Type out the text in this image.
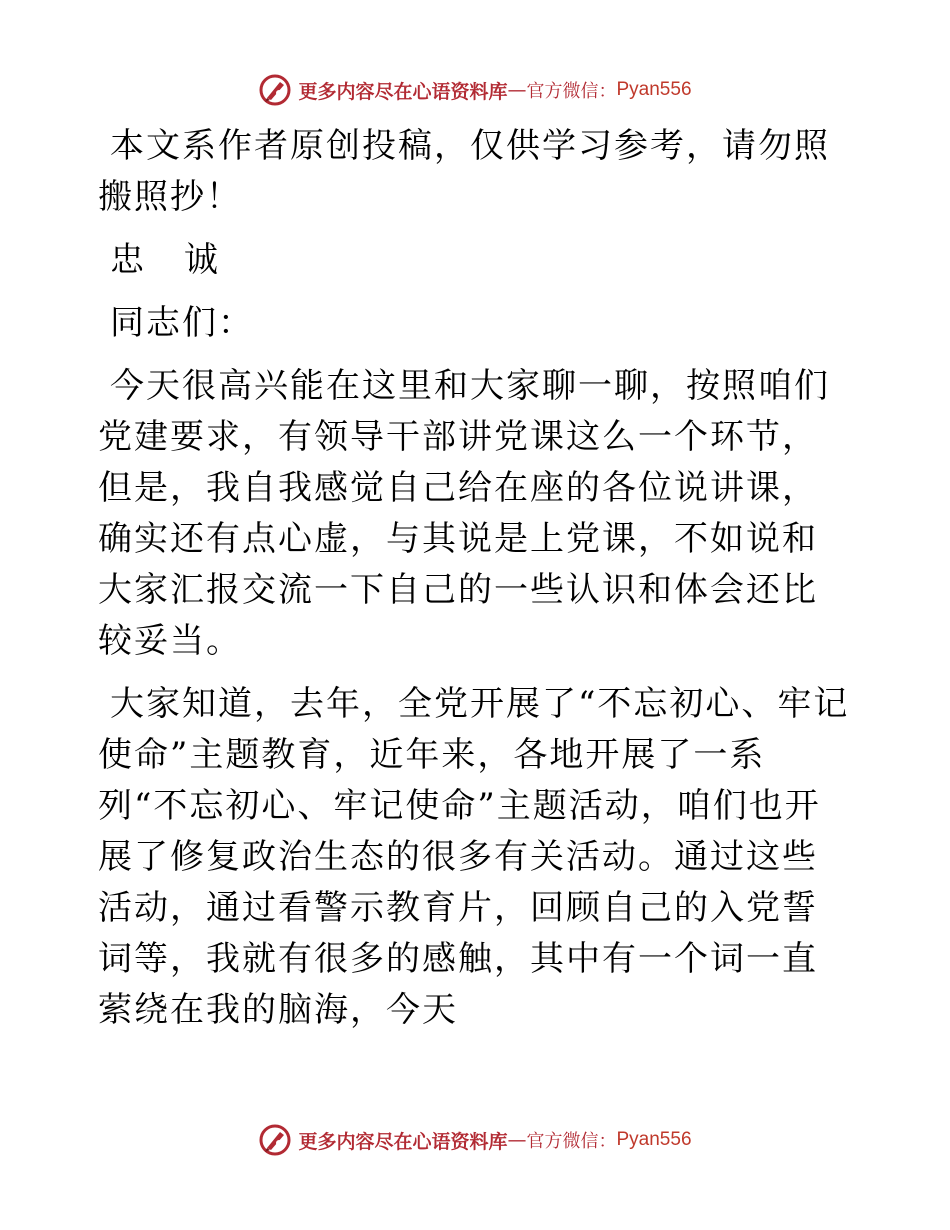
更多内容尽在心语资料库 — 官方微信： Pyan556

本文系作者原创投稿，仅供学习参考，请勿照搬照抄！

忠　诚

同志们：

今天很高兴能在这里和大家聊一聊，按照咱们党建要求，有领导干部讲党课这么一个环节，但是，我自我感觉自己给在座的各位说讲课，确实还有点心虚，与其说是上党课，不如说和大家汇报交流一下自己的一些认识和体会还比较妥当。

大家知道，去年，全党开展了“不忘初心、牢记使命”主题教育，近年来，各地开展了一系列“不忘初心、牢记使命”主题活动，咱们也开展了修复政治生态的很多有关活动。通过这些活动，通过看警示教育片，回顾自己的入党誓词等，我就有很多的感触，其中有一个词一直萦绕在我的脑海，今天

更多内容尽在心语资料库 — 官方微信： Pyan556
